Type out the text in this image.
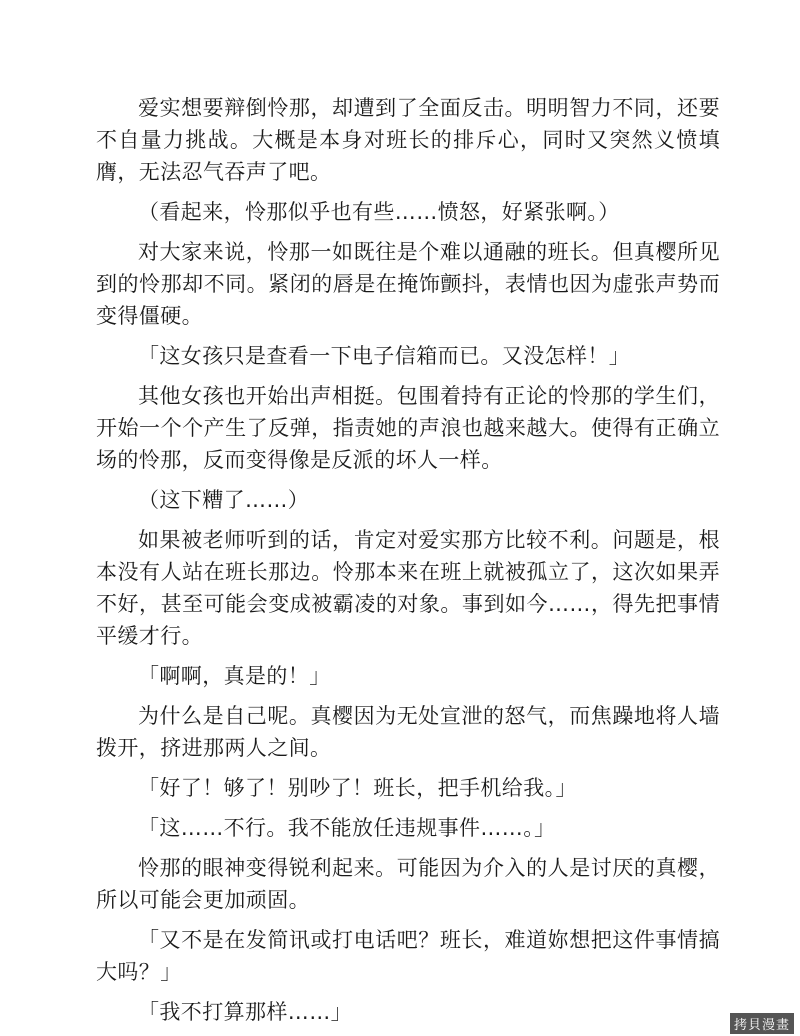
爱实想要辩倒怜那，却遭到了全面反击。明明智力不同，还要不自量力挑战。大概是本身对班长的排斥心，同时又突然义愤填膺，无法忍气吞声了吧。

（看起来，怜那似乎也有些……愤怒，好紧张啊。）

对大家来说，怜那一如既往是个难以通融的班长。但真樱所见到的怜那却不同。紧闭的唇是在掩饰颤抖，表情也因为虚张声势而变得僵硬。

「这女孩只是查看一下电子信箱而已。又没怎样！」

其他女孩也开始出声相挺。包围着持有正论的怜那的学生们，开始一个个产生了反弹，指责她的声浪也越来越大。使得有正确立场的怜那，反而变得像是反派的坏人一样。

（这下糟了……）

如果被老师听到的话，肯定对爱实那方比较不利。问题是，根本没有人站在班长那边。怜那本来在班上就被孤立了，这次如果弄不好，甚至可能会变成被霸凌的对象。事到如今……，得先把事情平缓才行。

「啊啊，真是的！」

为什么是自己呢。真樱因为无处宣泄的怒气，而焦躁地将人墙拨开，挤进那两人之间。

「好了！够了！别吵了！班长，把手机给我。」

「这……不行。我不能放任违规事件……。」

怜那的眼神变得锐利起来。可能因为介入的人是讨厌的真樱，所以可能会更加顽固。

「又不是在发简讯或打电话吧？班长，难道妳想把这件事情搞大吗？」

「我不打算那样……」

拷貝漫畫
